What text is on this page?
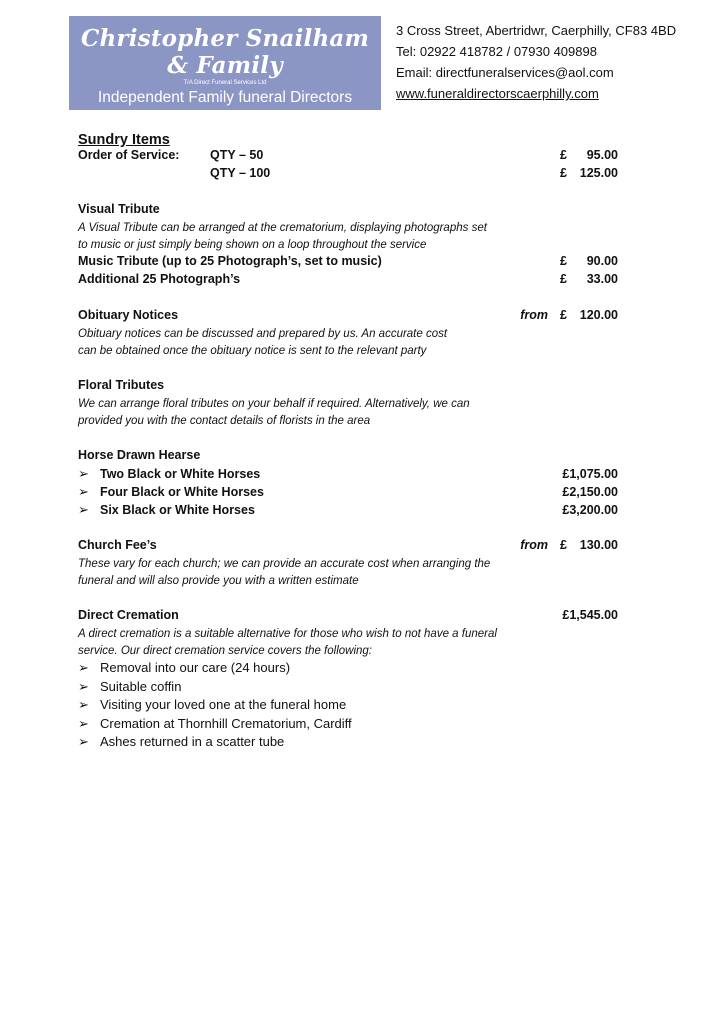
Christopher Snailham & Family
T/A Direct Funeral Services Ltd
Independent Family funeral Directors
Caerphilly
3 Cross Street, Abertridwr, Caerphilly, CF83 4BD
Tel: 02922 418782 / 07930 409898
Email: directfuneralservices@aol.com
www.funeraldirectorscaerphilly.com
Sundry Items
Order of Service:	QTY – 50	£	95.00
QTY – 100	£	125.00
Visual Tribute
A Visual Tribute can be arranged at the crematorium, displaying photographs set
to music or just simply being shown on a loop throughout the service
Music Tribute (up to 25 Photograph’s, set to music)	£	90.00
Additional 25 Photograph’s	£	33.00
Obituary Notices	from £	120.00
Obituary notices can be discussed and prepared by us. An accurate cost
can be obtained once the obituary notice is sent to the relevant party
Floral Tributes
We can arrange floral tributes on your behalf if required. Alternatively, we can
provided you with the contact details of florists in the area
Horse Drawn Hearse
➢ Two Black or White Horses	£1,075.00
➢ Four Black or White Horses	£2,150.00
➢ Six Black or White Horses	£3,200.00
Church Fee’s	from £	130.00
These vary for each church; we can provide an accurate cost when arranging the
funeral and will also provide you with a written estimate
Direct Cremation	£1,545.00
A direct cremation is a suitable alternative for those who wish to not have a funeral
service. Our direct cremation service covers the following:
➢ Removal into our care (24 hours)
➢ Suitable coffin
➢ Visiting your loved one at the funeral home
➢ Cremation at Thornhill Crematorium, Cardiff
➢ Ashes returned in a scatter tube
